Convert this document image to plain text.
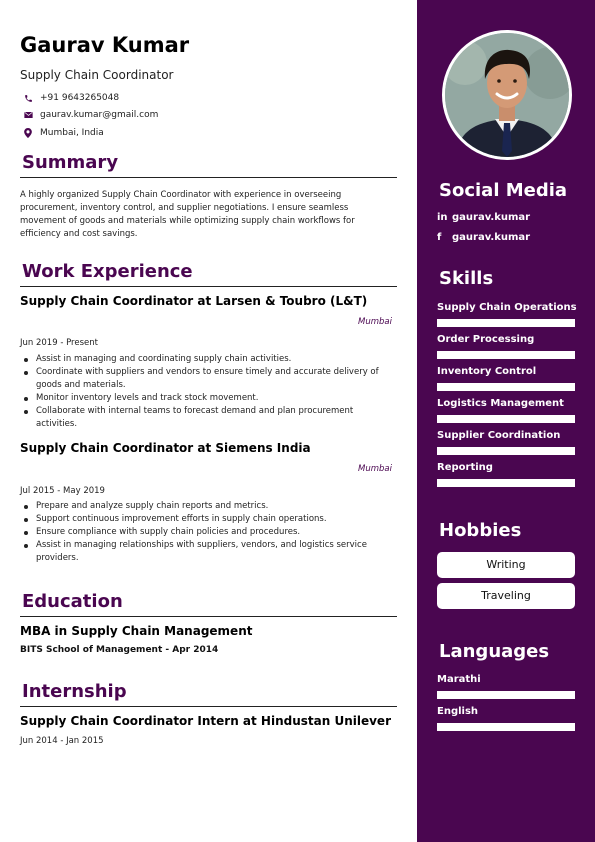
Gaurav Kumar
Supply Chain Coordinator
+91 9643265048
gaurav.kumar@gmail.com
Mumbai, India
Summary
A highly organized Supply Chain Coordinator with experience in overseeing procurement, inventory control, and supplier negotiations. I ensure seamless movement of goods and materials while optimizing supply chain workflows for efficiency and cost savings.
Work Experience
Supply Chain Coordinator at Larsen & Toubro (L&T)
Mumbai
Jun 2019 - Present
Assist in managing and coordinating supply chain activities.
Coordinate with suppliers and vendors to ensure timely and accurate delivery of goods and materials.
Monitor inventory levels and track stock movement.
Collaborate with internal teams to forecast demand and plan procurement activities.
Supply Chain Coordinator at Siemens India
Mumbai
Jul 2015 - May 2019
Prepare and analyze supply chain reports and metrics.
Support continuous improvement efforts in supply chain operations.
Ensure compliance with supply chain policies and procedures.
Assist in managing relationships with suppliers, vendors, and logistics service providers.
Education
MBA in Supply Chain Management
BITS School of Management - Apr 2014
Internship
Supply Chain Coordinator Intern at Hindustan Unilever
Jun 2014 - Jan 2015
Social Media
in gaurav.kumar
f	gaurav.kumar
Skills
Supply Chain Operations
Order Processing
Inventory Control
Logistics Management
Supplier Coordination
Reporting
Hobbies
Writing
Traveling
Languages
Marathi
English
